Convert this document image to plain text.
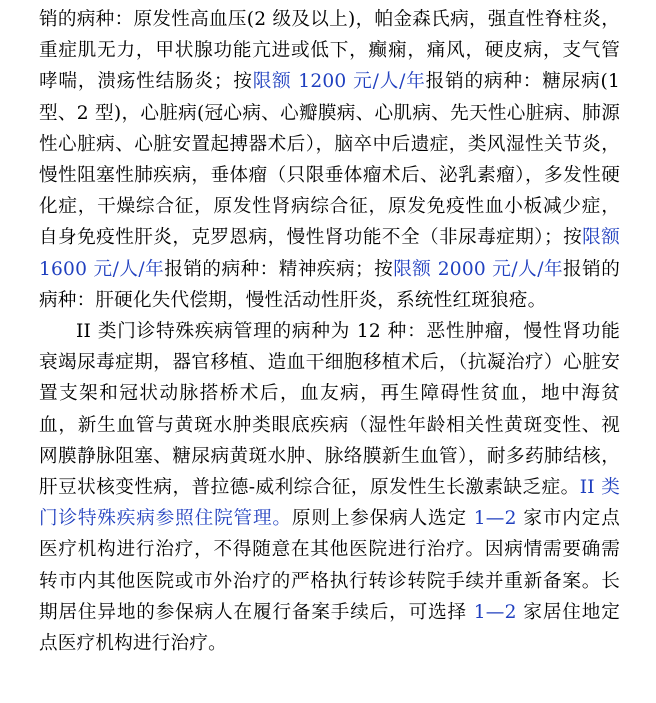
销的病种：原发性高血压(2 级及以上)，帕金森氏病，强直性脊柱炎，重症肌无力，甲状腺功能亢进或低下，癫痫，痛风，硬皮病，支气管哮喘，溃疡性结肠炎；按限额 1200 元/人/年报销的病种：糖尿病(1 型、2 型)，心脏病(冠心病、心瓣膜病、心肌病、先天性心脏病、肺源性心脏病、心脏安置起搏器术后），脑卒中后遗症，类风湿性关节炎，慢性阻塞性肺疾病，垂体瘤（只限垂体瘤术后、泌乳素瘤），多发性硬化症，干燥综合征，原发性肾病综合征，原发免疫性血小板减少症，自身免疫性肝炎，克罗恩病，慢性肾功能不全（非尿毒症期）；按限额 1600 元/人/年报销的病种：精神疾病；按限额 2000 元/人/年报销的病种：肝硬化失代偿期，慢性活动性肝炎，系统性红斑狼疮。

II 类门诊特殊疾病管理的病种为 12 种：恶性肿瘤，慢性肾功能衰竭尿毒症期，器官移植、造血干细胞移植术后，（抗凝治疗）心脏安置支架和冠状动脉搭桥术后，血友病，再生障碍性贫血，地中海贫血，新生血管与黄斑水肿类眼底疾病（湿性年龄相关性黄斑变性、视网膜静脉阻塞、糖尿病黄斑水肿、脉络膜新生血管），耐多药肺结核，肝豆状核变性病，普拉德-威利综合征，原发性生长激素缺乏症。II 类门诊特殊疾病参照住院管理。原则上参保病人选定 1—2 家市内定点医疗机构进行治疗，不得随意在其他医院进行治疗。因病情需要确需转市内其他医院或市外治疗的严格执行转诊转院手续并重新备案。长期居住异地的参保病人在履行备案手续后，可选择 1—2 家居住地定点医疗机构进行治疗。
